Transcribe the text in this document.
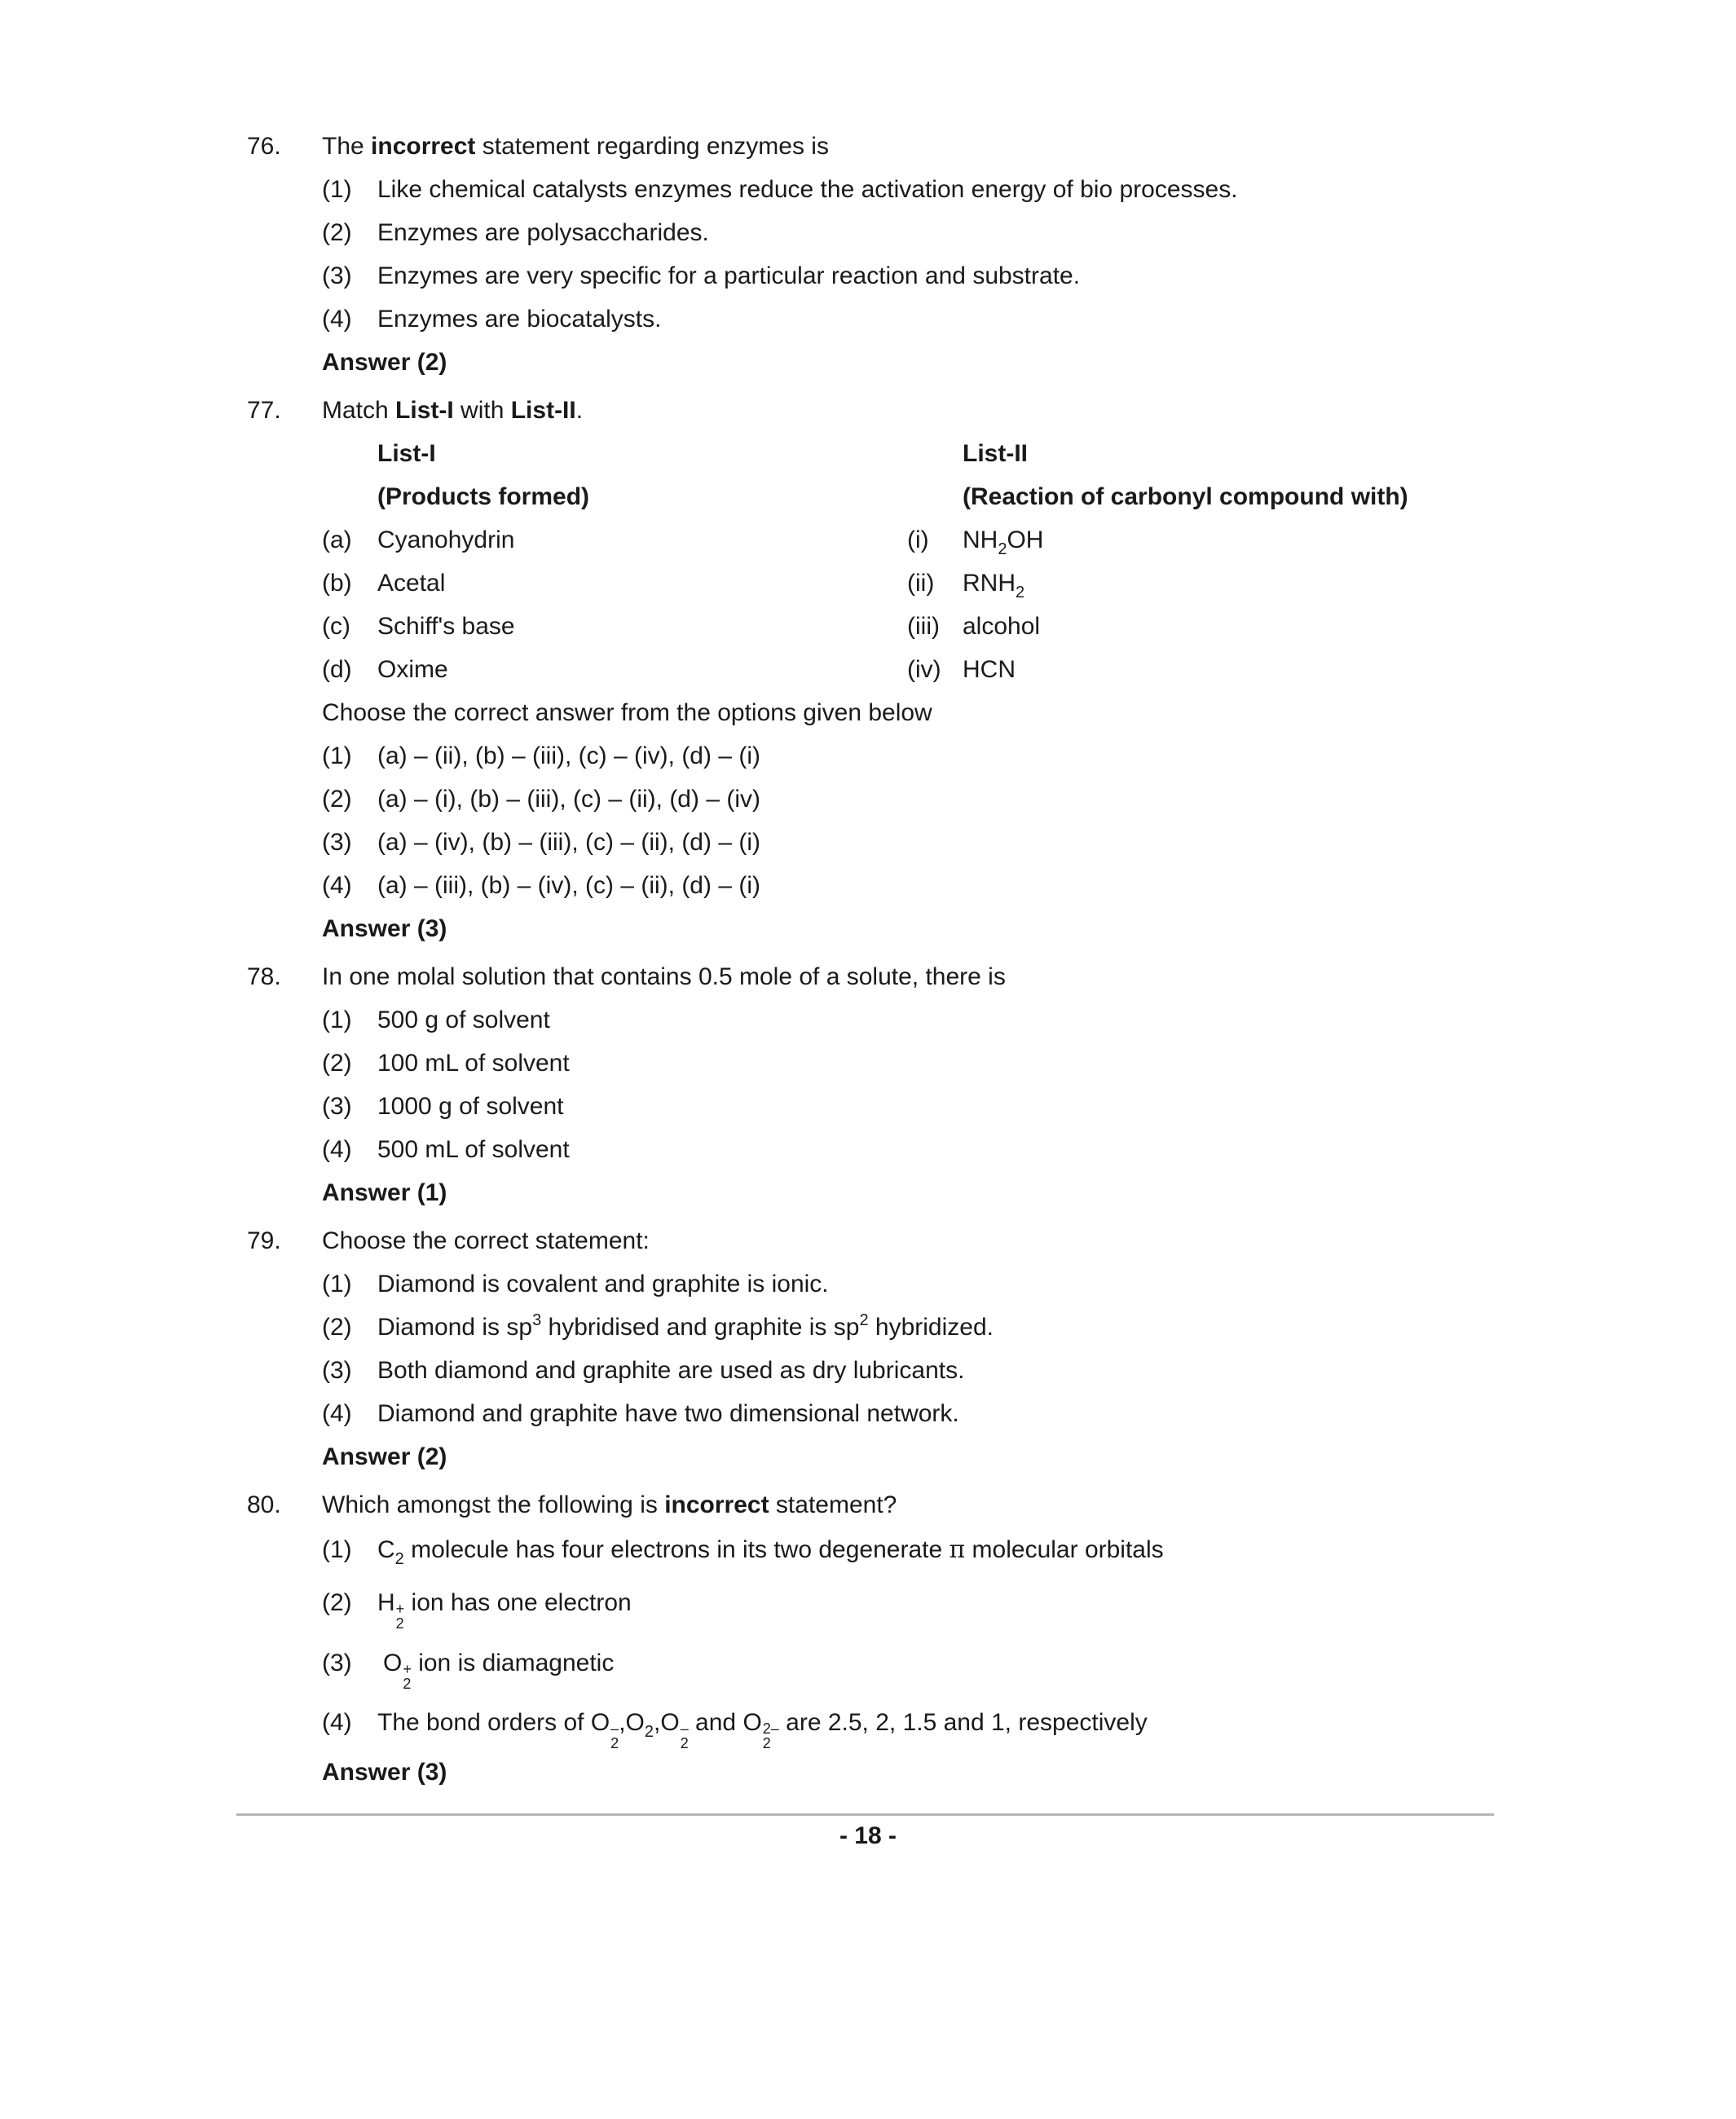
76. The incorrect statement regarding enzymes is
(1) Like chemical catalysts enzymes reduce the activation energy of bio processes.
(2) Enzymes are polysaccharides.
(3) Enzymes are very specific for a particular reaction and substrate.
(4) Enzymes are biocatalysts.
Answer (2)
77. Match List-I with List-II.
List-I	List-II
(Products formed)	(Reaction of carbonyl compound with)
(a) Cyanohydrin	(i) $NH_2OH$
(b) Acetal	(ii) $RNH_2$
(c) Schiff's base	(iii) alcohol
(d) Oxime	(iv) HCN
Choose the correct answer from the options given below
(1) (a) – (ii), (b) – (iii), (c) – (iv), (d) – (i)
(2) (a) – (i), (b) – (iii), (c) – (ii), (d) – (iv)
(3) (a) – (iv), (b) – (iii), (c) – (ii), (d) – (i)
(4) (a) – (iii), (b) – (iv), (c) – (ii), (d) – (i)
Answer (3)
78. In one molal solution that contains 0.5 mole of a solute, there is
(1) 500 g of solvent
(2) 100 mL of solvent
(3) 1000 g of solvent
(4) 500 mL of solvent
Answer (1)
79. Choose the correct statement:
(1) Diamond is covalent and graphite is ionic.
(2) Diamond is $sp^3$ hybridised and graphite is $sp^2$ hybridized.
(3) Both diamond and graphite are used as dry lubricants.
(4) Diamond and graphite have two dimensional network.
Answer (2)
80. Which amongst the following is incorrect statement?
(1) $C_2$ molecule has four electrons in its two degenerate π molecular orbitals
(2) H +
2
ion has one electron
(3) O +
2
ion is diamagnetic
(4) The bond orders of O –
2
, O 2 , O –
2
and O 2–
2
are 2.5, 2, 1.5 and 1, respectively
Answer (3)
- 18 -
